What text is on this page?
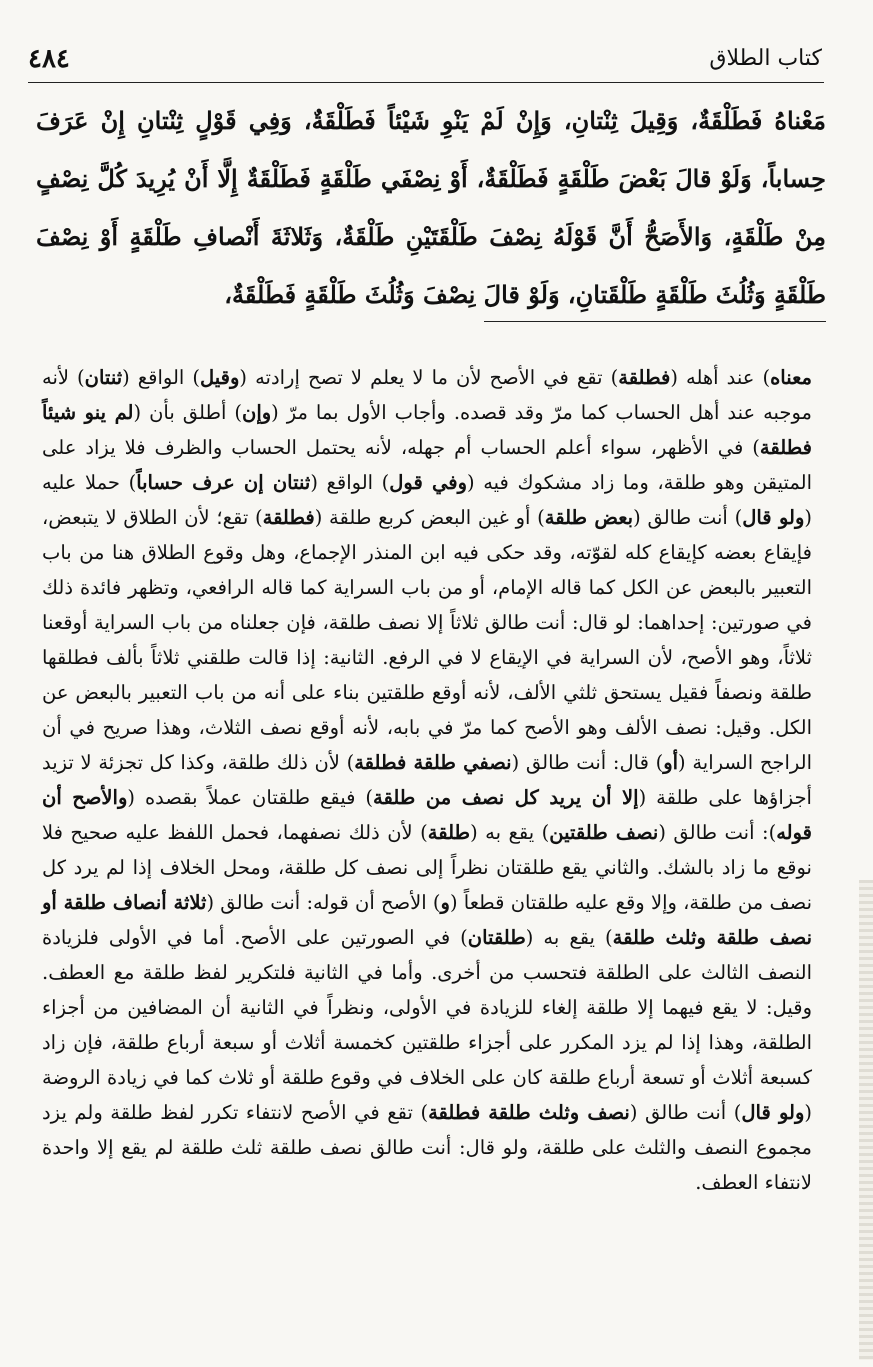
٤٨٤	كتاب الطلاق
مَعْناهُ فَطَلْقَةٌ، وَقِيلَ ثِنْتانِ، وَإِنْ لَمْ يَنْوِ شَيْئاً فَطَلْقَةٌ، وَفِي قَوْلٍ ثِنْتانِ إِنْ عَرَفَ حِساباً، وَلَوْ قالَ بَعْضَ طَلْقَةٍ فَطَلْقَةٌ، أَوْ نِصْفَي طَلْقَةٍ فَطَلْقَةٌ إِلَّا أَنْ يُرِيدَ كُلَّ نِصْفٍ مِنْ طَلْقَةٍ، وَالأَصَحُّ أَنَّ قَوْلَهُ نِصْفَ طَلْقَتَيْنِ طَلْقَةٌ، وَثَلاثَةَ أَنْصافِ طَلْقَةٍ أَوْ نِصْفَ طَلْقَةٍ وَثُلُثَ طَلْقَةٍ طَلْقَتانِ، وَلَوْ قالَ نِصْفَ وَثُلُثَ طَلْقَةٍ فَطَلْقَةٌ،
معناه) عند أهله (فطلقة) تقع في الأصح لأن ما لا يعلم لا تصح إرادته (وقيل) الواقع (ثنتان) لأنه موجبه عند أهل الحساب كما مرّ وقد قصده. وأجاب الأول بما مرّ (وإن) أطلق بأن (لم ينو شيئاً فطلقة) في الأظهر، سواء أعلم الحساب أم جهله، لأنه يحتمل الحساب والظرف فلا يزاد على المتيقن وهو طلقة، وما زاد مشكوك فيه (وفي قول) الواقع (ثنتان إن عرف حساباً) حملا عليه (ولو قال) أنت طالق (بعض طلقة) أو غين البعض كربع طلقة (فطلقة) تقع؛ لأن الطلاق لا يتبعض، فإيقاع بعضه كإيقاع كله لقوّته، وقد حكى فيه ابن المنذر الإجماع، وهل وقوع الطلاق هنا من باب التعبير بالبعض عن الكل كما قاله الإمام، أو من باب السراية كما قاله الرافعي، وتظهر فائدة ذلك في صورتين: إحداهما: لو قال: أنت طالق ثلاثاً إلا نصف طلقة، فإن جعلناه من باب السراية أوقعنا ثلاثاً، وهو الأصح، لأن السراية في الإيقاع لا في الرفع. الثانية: إذا قالت طلقني ثلاثاً بألف فطلقها طلقة ونصفاً فقيل يستحق ثلثي الألف، لأنه أوقع طلقتين بناء على أنه من باب التعبير بالبعض عن الكل. وقيل: نصف الألف وهو الأصح كما مرّ في بابه، لأنه أوقع نصف الثلاث، وهذا صريح في أن الراجح السراية (أو) قال: أنت طالق (نصفي طلقة فطلقة) لأن ذلك طلقة، وكذا كل تجزئة لا تزيد أجزاؤها على طلقة (إلا أن يريد كل نصف من طلقة) فيقع طلقتان عملاً بقصده (والأصح أن قوله): أنت طالق (نصف طلقتين) يقع به (طلقة) لأن ذلك نصفهما، فحمل اللفظ عليه صحيح فلا نوقع ما زاد بالشك. والثاني يقع طلقتان نظراً إلى نصف كل طلقة، ومحل الخلاف إذا لم يرد كل نصف من طلقة، وإلا وقع عليه طلقتان قطعاً (و) الأصح أن قوله: أنت طالق (ثلاثة أنصاف طلقة أو نصف طلقة وثلث طلقة) يقع به (طلقتان) في الصورتين على الأصح. أما في الأولى فلزيادة النصف الثالث على الطلقة فتحسب من أخرى. وأما في الثانية فلتكرير لفظ طلقة مع العطف. وقيل: لا يقع فيهما إلا طلقة إلغاء للزيادة في الأولى، ونظراً في الثانية أن المضافين من أجزاء الطلقة، وهذا إذا لم يزد المكرر على أجزاء طلقتين كخمسة أثلاث أو سبعة أرباع طلقة، فإن زاد كسبعة أثلاث أو تسعة أرباع طلقة كان على الخلاف في وقوع طلقة أو ثلاث كما في زيادة الروضة (ولو قال) أنت طالق (نصف وثلث طلقة فطلقة) تقع في الأصح لانتفاء تكرر لفظ طلقة ولم يزد مجموع النصف والثلث على طلقة، ولو قال: أنت طالق نصف طلقة ثلث طلقة لم يقع إلا واحدة لانتفاء العطف.
